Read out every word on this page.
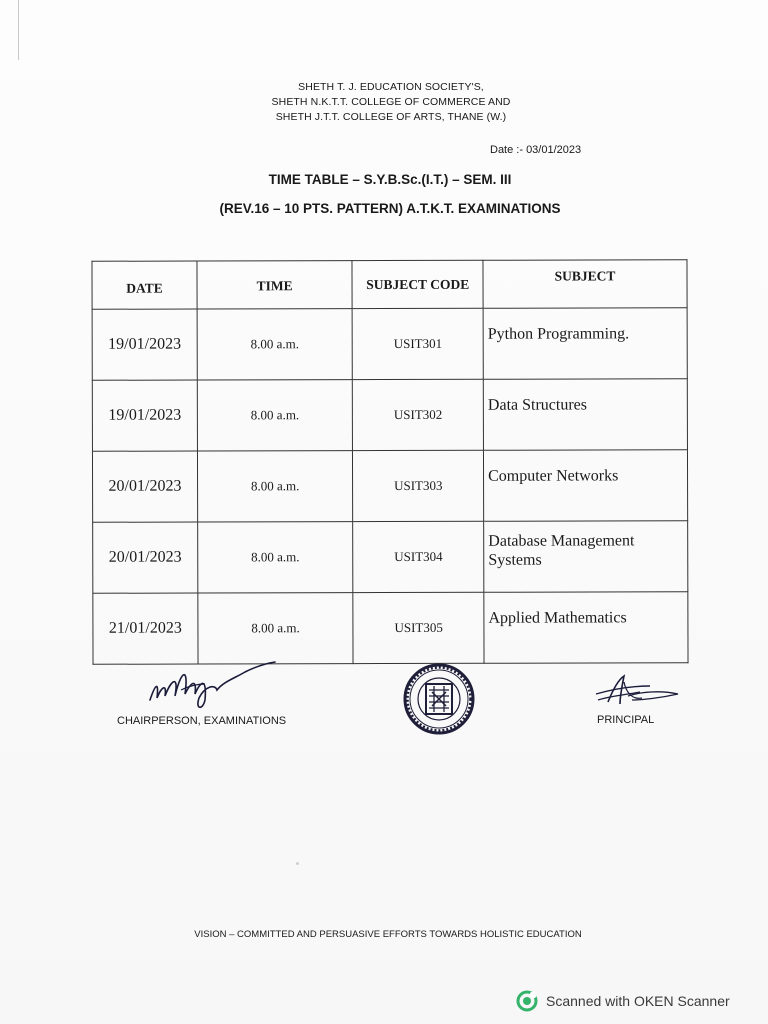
SHETH T. J. EDUCATION SOCIETY'S,
SHETH N.K.T.T. COLLEGE OF COMMERCE AND
SHETH J.T.T. COLLEGE OF ARTS, THANE (W.)
Date :- 03/01/2023
TIME TABLE – S.Y.B.Sc.(I.T.) – SEM. III
(REV.16 – 10 PTS. PATTERN) A.T.K.T. EXAMINATIONS
DATE	TIME	SUBJECT CODE	SUBJECT
19/01/2023	8.00 a.m.	USIT301	Python Programming.

19/01/2023	8.00 a.m.	USIT302	Data Structures

20/01/2023	8.00 a.m.	USIT303	Computer Networks

20/01/2023	8.00 a.m.	USIT304	Database Management Systems

21/01/2023	8.00 a.m.	USIT305	Applied Mathematics
CHAIRPERSON, EXAMINATIONS	PRINCIPAL
VISION – COMMITTED AND PERSUASIVE EFFORTS TOWARDS HOLISTIC EDUCATION
Scanned with OKEN Scanner
